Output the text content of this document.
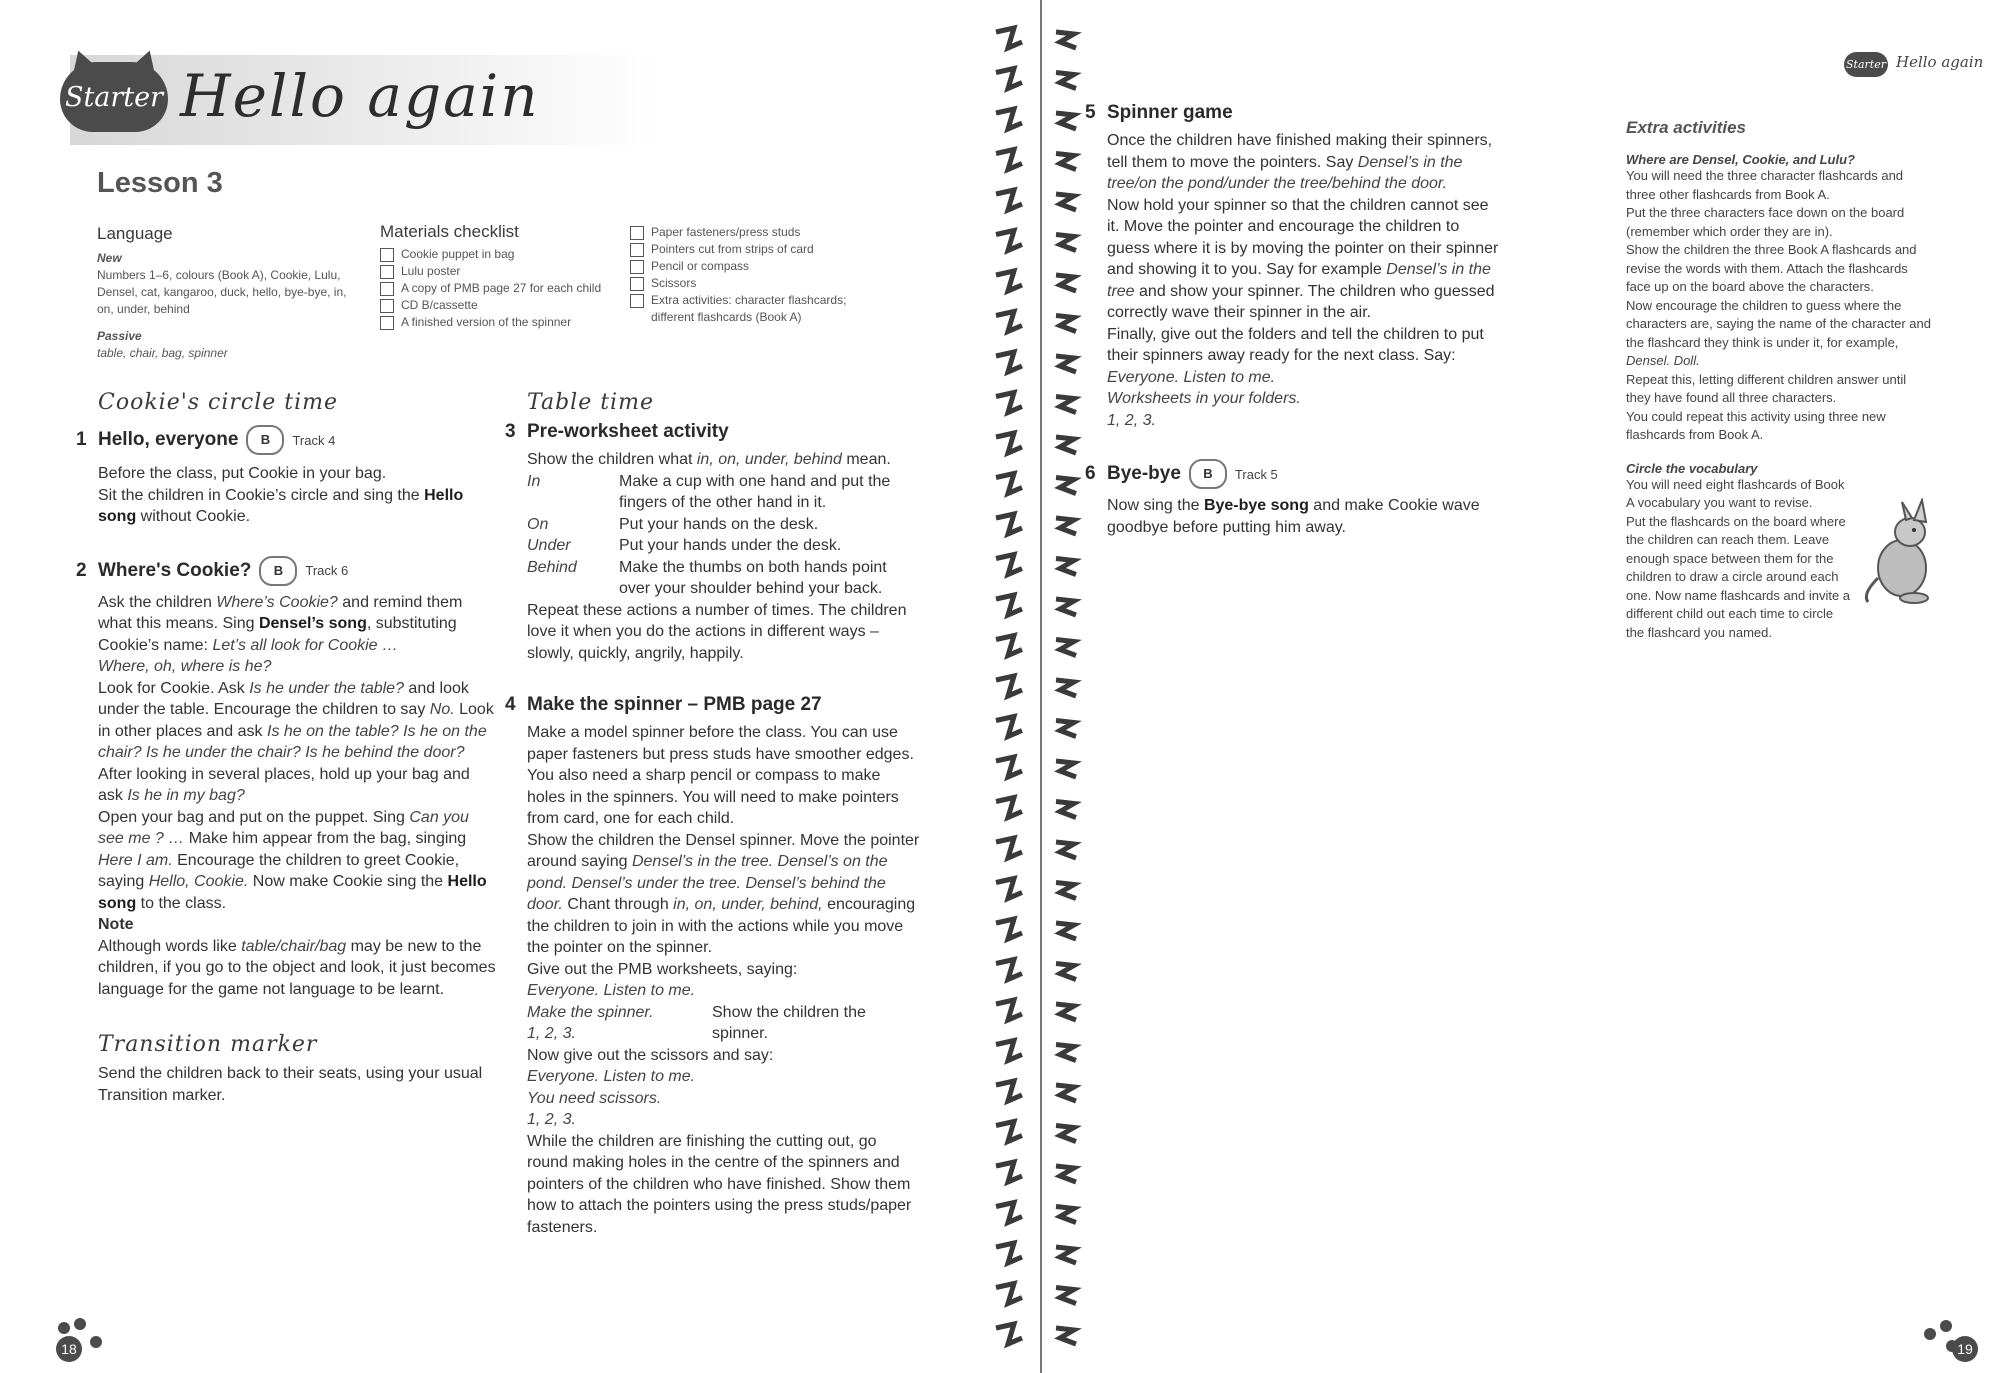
Starter Hello again
Lesson 3
Language
New
Numbers 1–6, colours (Book A), Cookie, Lulu, Densel, cat, kangaroo, duck, hello, bye-bye, in, on, under, behind
Passive
table, chair, bag, spinner
Materials checklist
Cookie puppet in bag
Lulu poster
A copy of PMB page 27 for each child
CD B/cassette
A finished version of the spinner
Paper fasteners/press studs
Pointers cut from strips of card
Pencil or compass
Scissors
Extra activities: character flashcards; different flashcards (Book A)
Cookie's circle time
1 Hello, everyone	B	Track 4

Before the class, put Cookie in your bag.

Sit the children in Cookie’s circle and sing the Hello song without Cookie.

2 Where's Cookie?	B	Track 6

Ask the children Where’s Cookie? and remind them what this means. Sing Densel’s song, substituting Cookie’s name: Let’s all look for Cookie …

Where, oh, where is he?

Look for Cookie. Ask Is he under the table? and look under the table. Encourage the children to say No. Look in other places and ask Is he on the table? Is he on the chair? Is he under the chair? Is he behind the door? After looking in several places, hold up your bag and ask Is he in my bag?

Open your bag and put on the puppet. Sing Can you see me ? … Make him appear from the bag, singing Here I am. Encourage the children to greet Cookie, saying Hello, Cookie. Now make Cookie sing the Hello song to the class.

Note

Although words like table/chair/bag may be new to the children, if you go to the object and look, it just becomes language for the game not language to be learnt.

Transition marker
Send the children back to their seats, using your usual Transition marker.
Table time
3 Pre-worksheet activity

Show the children what in, on, under, behind mean.

In	Make a cup with one hand and put the fingers of the other hand in it.
On	Put your hands on the desk.
Under	Put your hands under the desk.
Behind	Make the thumbs on both hands point over your shoulder behind your back.

Repeat these actions a number of times. The children love it when you do the actions in different ways – slowly, quickly, angrily, happily.

4 Make the spinner – PMB page 27

Make a model spinner before the class. You can use paper fasteners but press studs have smoother edges. You also need a sharp pencil or compass to make holes in the spinners. You will need to make pointers from card, one for each child.

Show the children the Densel spinner. Move the pointer around saying Densel’s in the tree. Densel’s on the pond. Densel’s under the tree. Densel’s behind the door. Chant through in, on, under, behind, encouraging the children to join in with the actions while you move the pointer on the spinner.

Give out the PMB worksheets, saying:

Everyone. Listen to me.

Make the spinner.
1, 2, 3.
Show the children the spinner.

Now give out the scissors and say:

Everyone. Listen to me.

You need scissors.

1, 2, 3.

While the children are finishing the cutting out, go round making holes in the centre of the spinners and pointers of the children who have finished. Show them how to attach the pointers using the press studs/paper fasteners.

18
Starter Hello again
5 Spinner game

Once the children have finished making their spinners, tell them to move the pointers. Say Densel’s in the tree/on the pond/under the tree/behind the door.

Now hold your spinner so that the children cannot see it. Move the pointer and encourage the children to guess where it is by moving the pointer on their spinner and showing it to you. Say for example Densel’s in the tree and show your spinner. The children who guessed correctly wave their spinner in the air.

Finally, give out the folders and tell the children to put their spinners away ready for the next class. Say:

Everyone. Listen to me.

Worksheets in your folders.

1, 2, 3.

6 Bye-bye	B	Track 5

Now sing the Bye-bye song and make Cookie wave goodbye before putting him away.

Extra activities
Where are Densel, Cookie, and Lulu?

You will need the three character flashcards and three other flashcards from Book A.

Put the three characters face down on the board (remember which order they are in).

Show the children the three Book A flashcards and revise the words with them. Attach the flashcards face up on the board above the characters.

Now encourage the children to guess where the characters are, saying the name of the character and the flashcard they think is under it, for example, Densel. Doll.

Repeat this, letting different children answer until they have found all three characters.

You could repeat this activity using three new flashcards from Book A.

Circle the vocabulary

You will need eight flashcards of Book A vocabulary you want to revise.

Put the flashcards on the board where the children can reach them. Leave enough space between them for the children to draw a circle around each one. Now name flashcards and invite a different child out each time to circle the flashcard you named.

19
